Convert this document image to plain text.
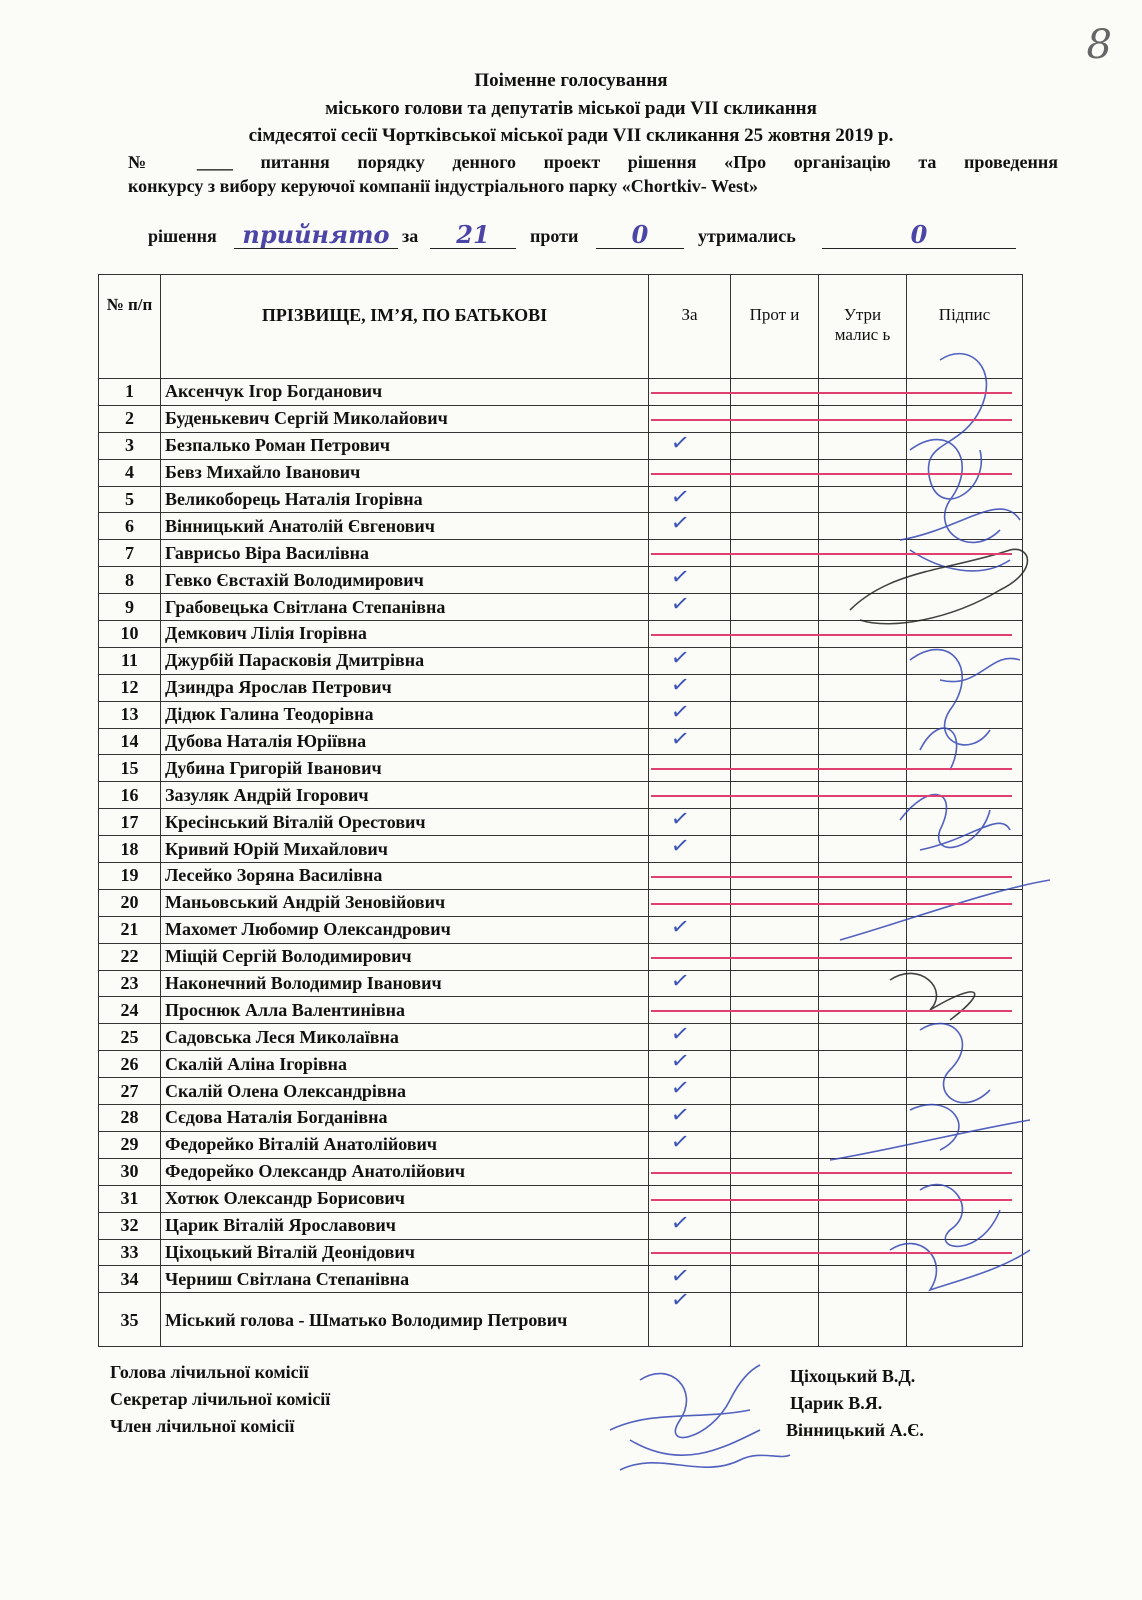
8
Поіменне голосування
міського голови та депутатів міської ради VII скликання
сімдесятої сесії Чортківської міської ради VII скликання 25 жовтня 2019 р.
№ ____ питання порядку денного проект рішення «Про організацію та проведення
конкурсу з вибору керуючої компанії індустріального парку «Chortkiv- West»
рішення	прийнято за	21	проти	0	утримались	0
№ п/п	ПРІЗВИЩЕ, ІМ’Я, ПО БАТЬКОВІ	За	Прот и	Утри малис ь	Підпис
1	Аксенчук Ігор Богданович				
2	Буденькевич Сергій Миколайович				
3	Безпалько Роман Петрович	✓			

4	Бевз Михайло Іванович				
5	Великоборець Наталія Ігорівна	✓			

6	Вінницький Анатолій Євгенович	✓			

7	Гаврисьо Віра Василівна				
8	Гевко Євстахій Володимирович	✓			

9	Грабовецька Світлана Степанівна	✓			

10	Демкович Лілія Ігорівна				
11	Джурбій Парасковія Дмитрівна	✓			

12	Дзиндра Ярослав Петрович	✓			

13	Дідюк Галина Теодорівна	✓			

14	Дубова Наталія Юріївна	✓			

15	Дубина Григорій Іванович				
16	Зазуляк Андрій Ігорович				
17	Кресінський Віталій Орестович	✓			

18	Кривий Юрій Михайлович	✓			

19	Лесейко Зоряна Василівна				
20	Маньовський Андрій Зеновійович				
21	Махомет Любомир Олександрович	✓			

22	Міщій Сергій Володимирович				
23	Наконечний Володимир Іванович	✓			

24	Проснюк Алла Валентинівна				
25	Садовська Леся Миколаївна	✓			

26	Скалій Аліна Ігорівна	✓			

27	Скалій Олена Олександрівна	✓			

28	Сєдова Наталія Богданівна	✓			

29	Федорейко Віталій Анатолійович	✓			

30	Федорейко Олександр Анатолійович				
31	Хотюк Олександр Борисович				
32	Царик Віталій Ярославович	✓			

33	Ціхоцький Віталій Деонідович				
34	Черниш Світлана Степанівна	✓			

35	Міський голова - Шматько Володимир Петрович	✓			

Голова лічильної комісії
Секретар лічильної комісії
Член лічильної комісії
Ціхоцький В.Д.
Царик В.Я.
Вінницький А.Є.
